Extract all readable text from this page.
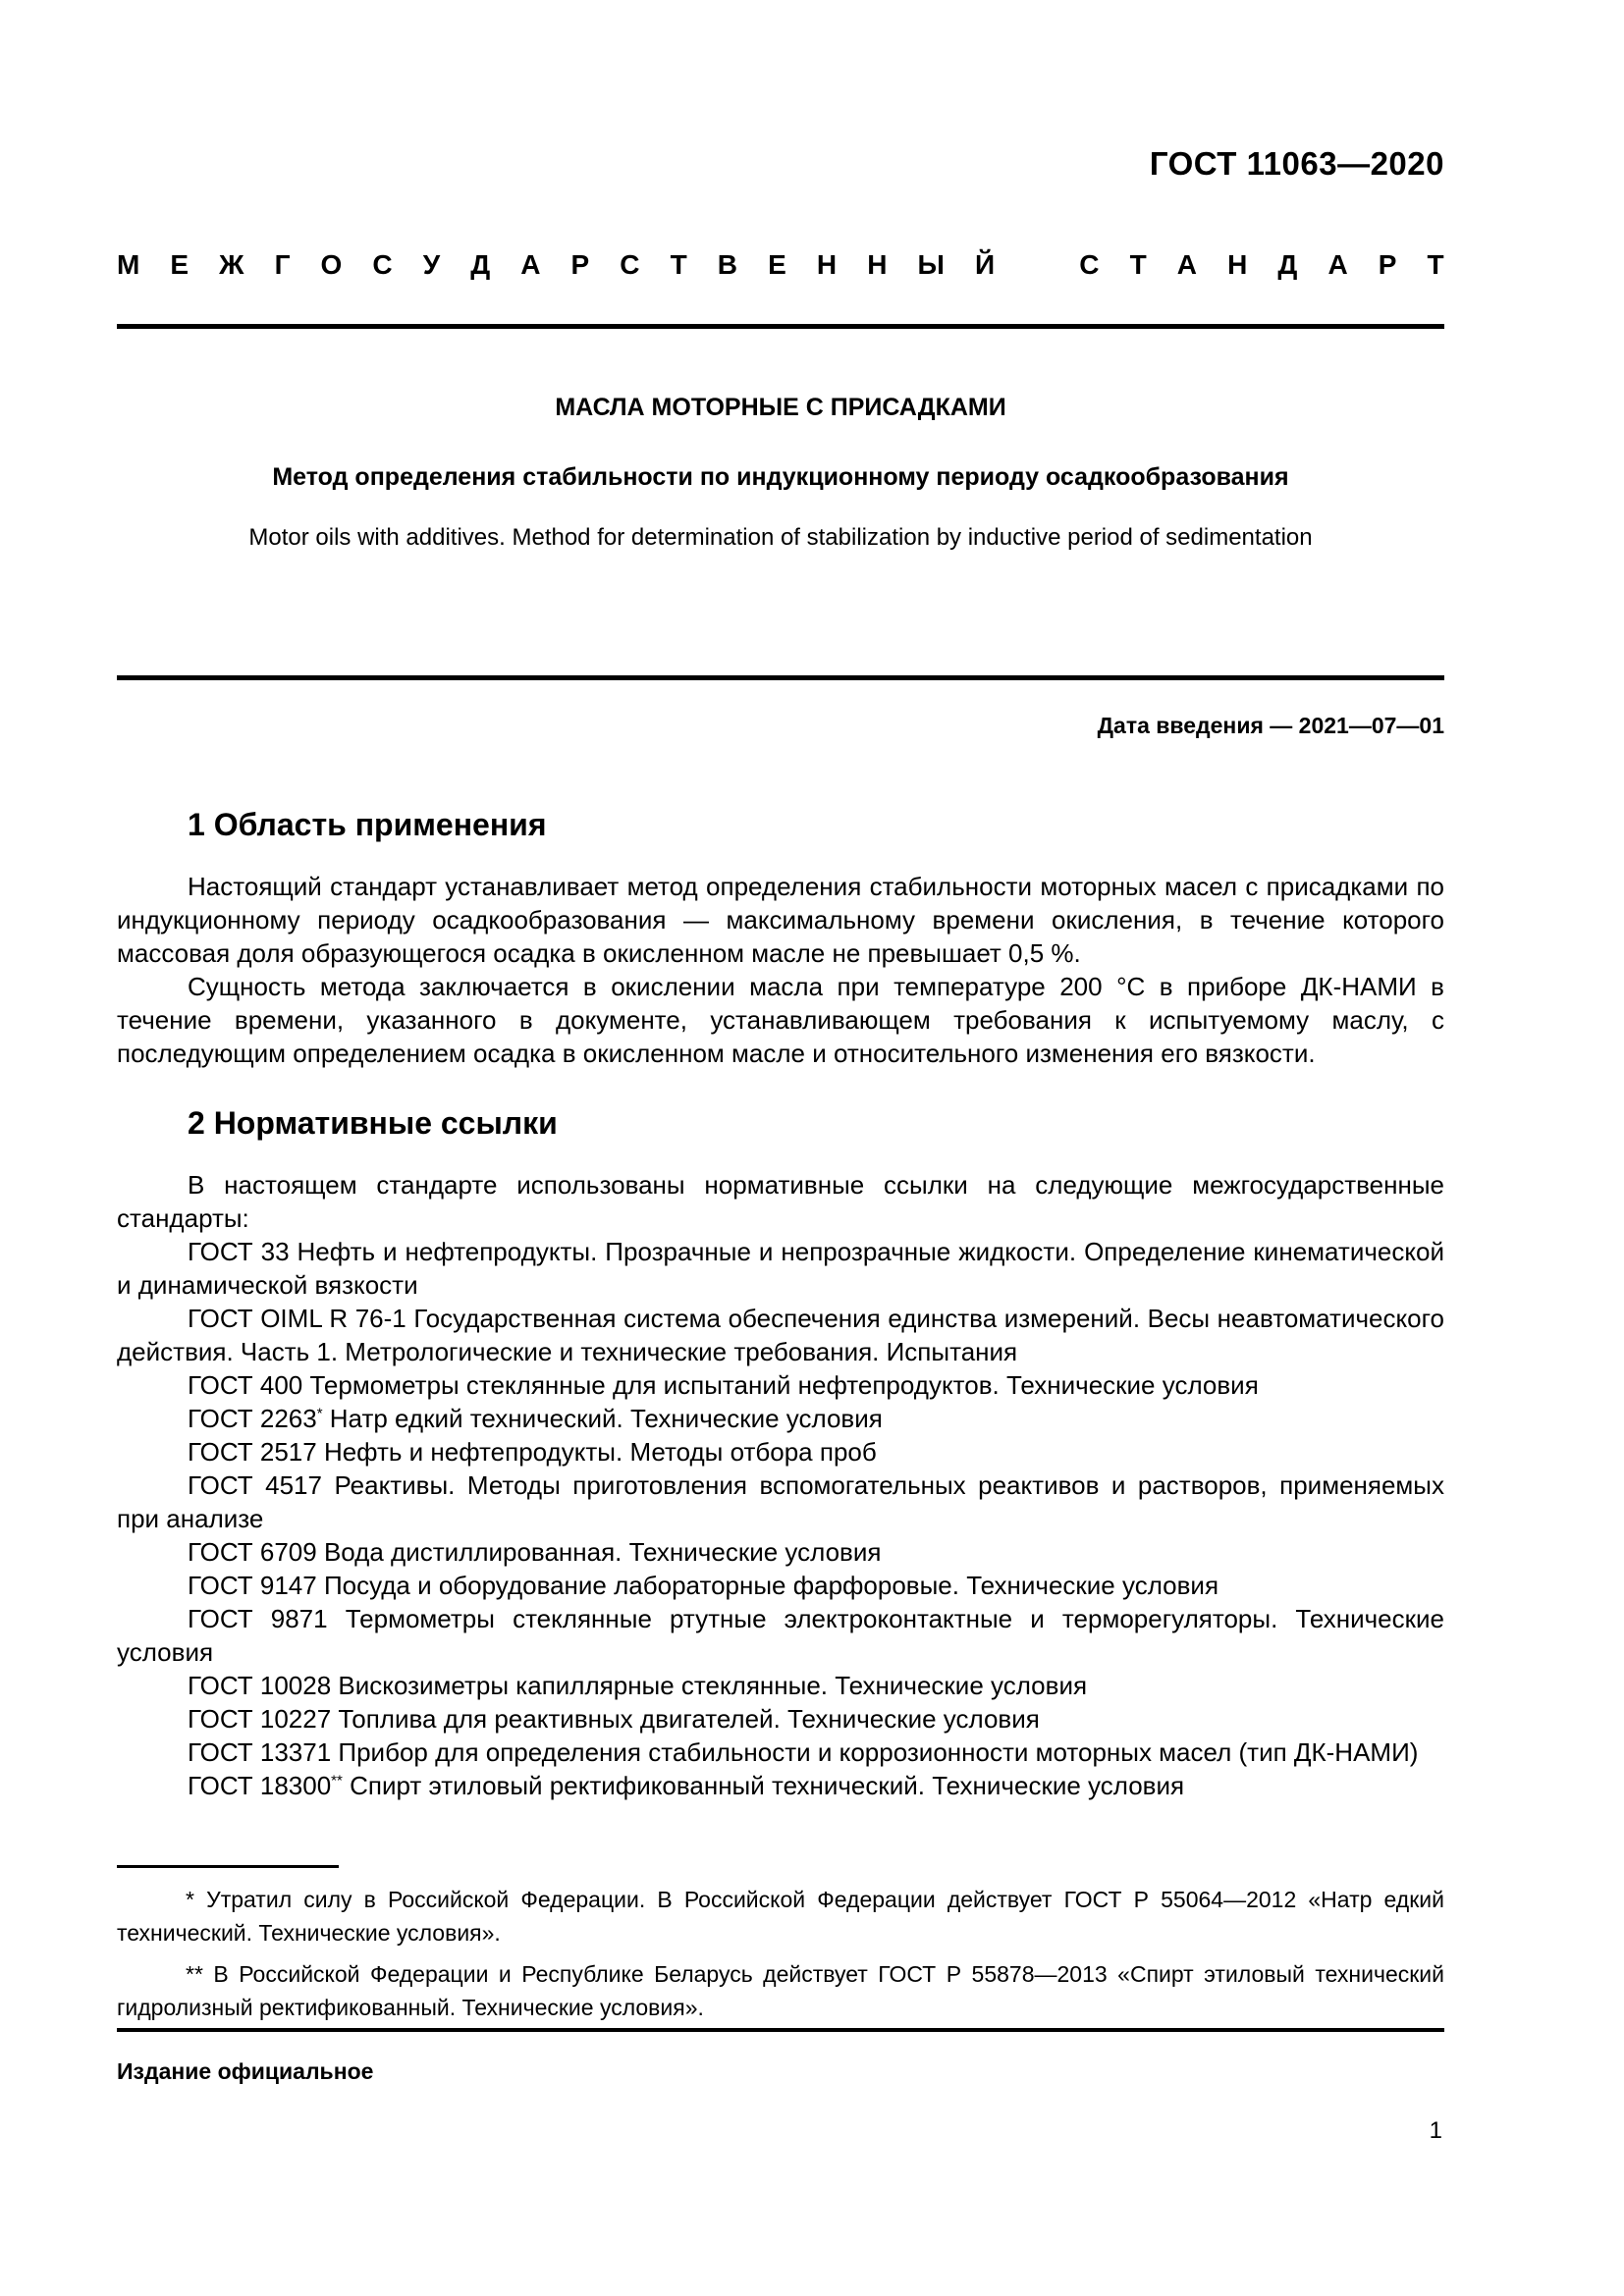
ГОСТ 11063—2020
М Е Ж Г О С У Д А Р С Т В Е Н Н Ы Й	С Т А Н Д А Р Т
МАСЛА МОТОРНЫЕ С ПРИСАДКАМИ
Метод определения стабильности по индукционному периоду осадкообразования
Motor oils with additives. Method for determination of stabilization by inductive period of sedimentation
Дата введения — 2021—07—01
1 Область применения

Настоящий стандарт устанавливает метод определения стабильности моторных масел с присадками по индукционному периоду осадкообразования — максимальному времени окисления, в течение которого массовая доля образующегося осадка в окисленном масле не превышает 0,5 %.

Сущность метода заключается в окислении масла при температуре 200 °С в приборе ДК-НАМИ в течение времени, указанного в документе, устанавливающем требования к испытуемому маслу, с последующим определением осадка в окисленном масле и относительного изменения его вязкости.

2 Нормативные ссылки

В настоящем стандарте использованы нормативные ссылки на следующие межгосударственные стандарты:

ГОСТ 33 Нефть и нефтепродукты. Прозрачные и непрозрачные жидкости. Определение кинематической и динамической вязкости

ГОСТ OIML R 76-1 Государственная система обеспечения единства измерений. Весы неавтоматического действия. Часть 1. Метрологические и технические требования. Испытания

ГОСТ 400 Термометры стеклянные для испытаний нефтепродуктов. Технические условия

ГОСТ 2263* Натр едкий технический. Технические условия

ГОСТ 2517 Нефть и нефтепродукты. Методы отбора проб

ГОСТ 4517 Реактивы. Методы приготовления вспомогательных реактивов и растворов, применяемых при анализе

ГОСТ 6709 Вода дистиллированная. Технические условия

ГОСТ 9147 Посуда и оборудование лабораторные фарфоровые. Технические условия

ГОСТ 9871 Термометры стеклянные ртутные электроконтактные и терморегуляторы. Технические условия

ГОСТ 10028 Вискозиметры капиллярные стеклянные. Технические условия

ГОСТ 10227 Топлива для реактивных двигателей. Технические условия

ГОСТ 13371 Прибор для определения стабильности и коррозионности моторных масел (тип ДК-НАМИ)

ГОСТ 18300** Спирт этиловый ректификованный технический. Технические условия

* Утратил силу в Российской Федерации. В Российской Федерации действует ГОСТ Р 55064—2012 «Натр едкий технический. Технические условия».

** В Российской Федерации и Республике Беларусь действует ГОСТ Р 55878—2013 «Спирт этиловый технический гидролизный ректификованный. Технические условия».

Издание официальное
1
